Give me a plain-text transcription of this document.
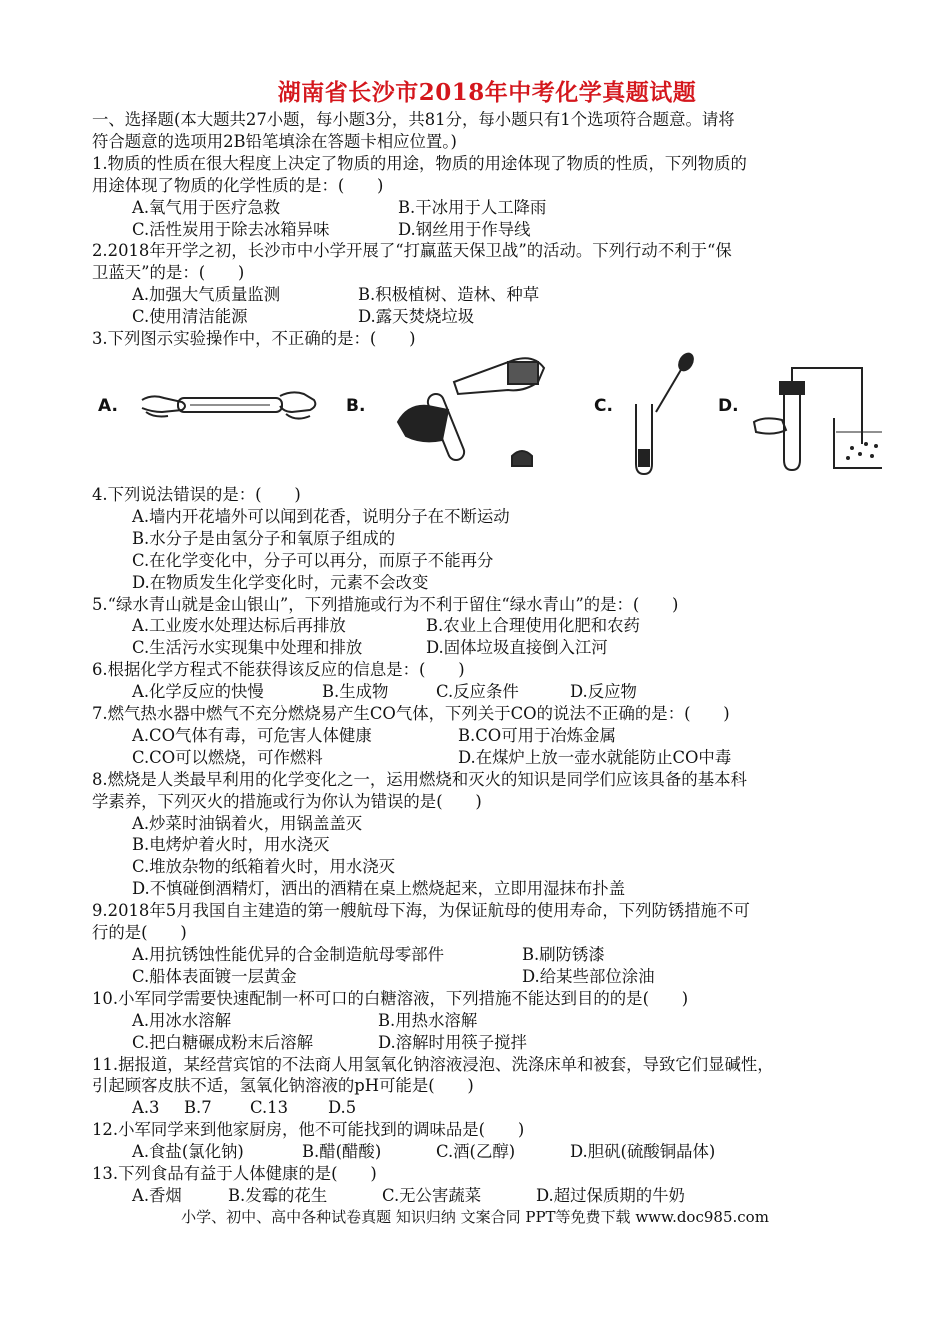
湖南省长沙市2018年中考化学真题试题
一、选择题(本大题共27小题，每小题3分，共81分，每小题只有1个选项符合题意。请将
符合题意的选项用2B铅笔填涂在答题卡相应位置。)
1.物质的性质在很大程度上决定了物质的用途，物质的用途体现了物质的性质，下列物质的
用途体现了物质的化学性质的是：(　　)
A.氧气用于医疗急救	B.干冰用于人工降雨
C.活性炭用于除去冰箱异味	D.钢丝用于作导线
2.2018年开学之初，长沙市中小学开展了“打赢蓝天保卫战”的活动。下列行动不利于“保
卫蓝天”的是：(　　)
A.加强大气质量监测	B.积极植树、造林、种草
C.使用清洁能源	D.露天焚烧垃圾
3.下列图示实验操作中，不正确的是：(　　)
A.	B.	C.	D.
4.下列说法错误的是：(　　)
A.墙内开花墙外可以闻到花香，说明分子在不断运动
B.水分子是由氢分子和氧原子组成的
C.在化学变化中，分子可以再分，而原子不能再分
D.在物质发生化学变化时，元素不会改变
5.“绿水青山就是金山银山”，下列措施或行为不利于留住“绿水青山”的是：(　　)
A.工业废水处理达标后再排放	B.农业上合理使用化肥和农药
C.生活污水实现集中处理和排放	D.固体垃圾直接倒入江河
6.根据化学方程式不能获得该反应的信息是：(　　)
A.化学反应的快慢	B.生成物	C.反应条件	D.反应物
7.燃气热水器中燃气不充分燃烧易产生CO气体，下列关于CO的说法不正确的是：(　　)
A.CO气体有毒，可危害人体健康	B.CO可用于冶炼金属
C.CO可以燃烧，可作燃料	D.在煤炉上放一壶水就能防止CO中毒
8.燃烧是人类最早利用的化学变化之一，运用燃烧和灭火的知识是同学们应该具备的基本科
学素养，下列灭火的措施或行为你认为错误的是(　　)
A.炒菜时油锅着火，用锅盖盖灭
B.电烤炉着火时，用水浇灭
C.堆放杂物的纸箱着火时，用水浇灭
D.不慎碰倒酒精灯，洒出的酒精在桌上燃烧起来，立即用湿抹布扑盖
9.2018年5月我国自主建造的第一艘航母下海，为保证航母的使用寿命，下列防锈措施不可
行的是(　　)
A.用抗锈蚀性能优异的合金制造航母零部件	B.刷防锈漆
C.船体表面镀一层黄金	D.给某些部位涂油
10.小军同学需要快速配制一杯可口的白糖溶液，下列措施不能达到目的的是(　　)
A.用冰水溶解	B.用热水溶解
C.把白糖碾成粉末后溶解	D.溶解时用筷子搅拌
11.据报道，某经营宾馆的不法商人用氢氧化钠溶液浸泡、洗涤床单和被套，导致它们显碱性，
引起顾客皮肤不适，氢氧化钠溶液的pH可能是(　　)
A.3 B.7 C.13 D.5
12.小军同学来到他家厨房，他不可能找到的调味品是(　　)
A.食盐(氯化钠)	B.醋(醋酸)	C.酒(乙醇)	D.胆矾(硫酸铜晶体)
13.下列食品有益于人体健康的是(　　)
A.香烟	B.发霉的花生	C.无公害蔬菜	D.超过保质期的牛奶
小学、初中、高中各种试卷真题 知识归纳 文案合同 PPT等免费下载 www.doc985.com
